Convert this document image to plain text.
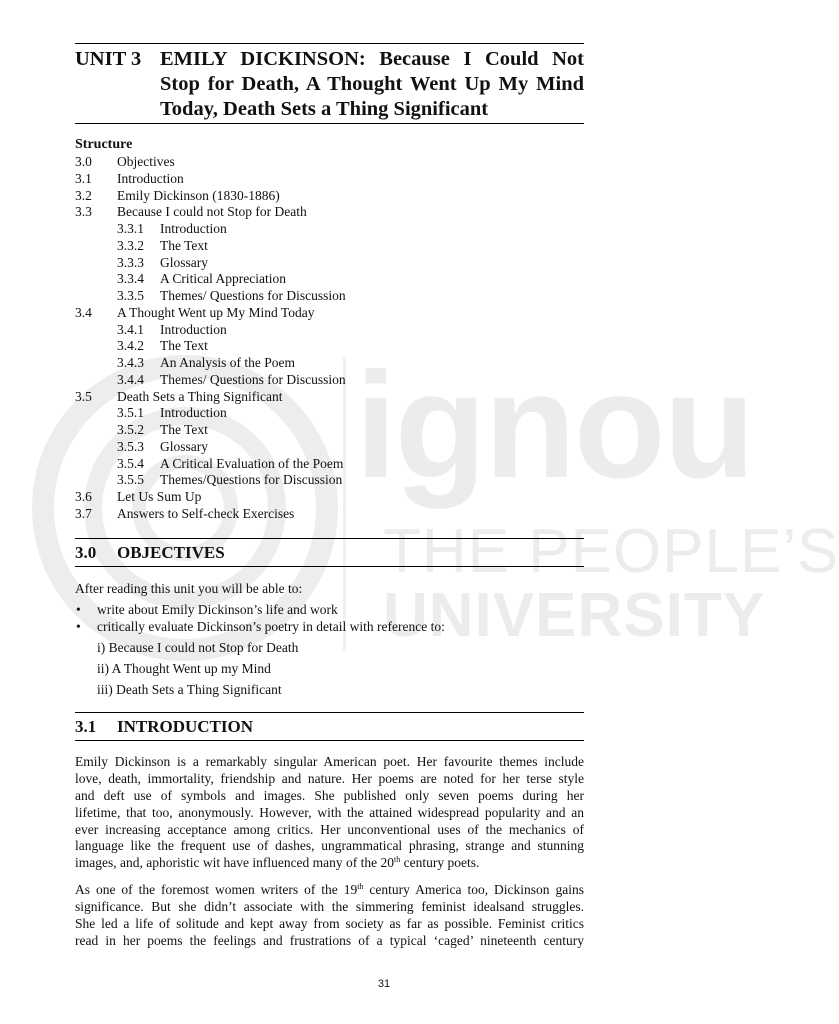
ignou
THE PEOPLE’S
UNIVERSITY
UNIT 3 EMILY DICKINSON: Because I Could Not
Stop for Death, A Thought Went Up My Mind
Today, Death Sets a Thing Significant
Structure
3.0 Objectives
3.1 Introduction
3.2 Emily Dickinson (1830-1886)
3.3 Because I could not Stop for Death
3.3.1 Introduction
3.3.2 The Text
3.3.3 Glossary
3.3.4 A Critical Appreciation
3.3.5 Themes/ Questions for Discussion
3.4 A Thought Went up My Mind Today
3.4.1 Introduction
3.4.2 The Text
3.4.3 An Analysis of the Poem
3.4.4 Themes/ Questions for Discussion
3.5 Death Sets a Thing Significant
3.5.1 Introduction
3.5.2 The Text
3.5.3 Glossary
3.5.4 A Critical Evaluation of the Poem
3.5.5 Themes/Questions for Discussion
3.6 Let Us Sum Up
3.7 Answers to Self-check Exercises
3.0 OBJECTIVES
After reading this unit you will be able to:
• write about Emily Dickinson’s life and work
• critically evaluate Dickinson’s poetry in detail with reference to:
i) Because I could not Stop for Death
ii) A Thought Went up my Mind
iii) Death Sets a Thing Significant
3.1 INTRODUCTION
Emily Dickinson is a remarkably singular American poet. Her favourite themes include
love, death, immortality, friendship and nature. Her poems are noted for her terse style
and deft use of symbols and images. She published only seven poems during her
lifetime, that too, anonymously. However, with the attained widespread popularity and an
ever increasing acceptance among critics. Her unconventional uses of the mechanics of
language like the frequent use of dashes, ungrammatical phrasing, strange and stunning
images, and, aphoristic wit have influenced many of the 20th century poets.
As one of the foremost women writers of the 19th century America too, Dickinson gains
significance. But she didn’t associate with the simmering feminist idealsand struggles.
She led a life of solitude and kept away from society as far as possible. Feminist critics
read in her poems the feelings and frustrations of a typical ‘caged’ nineteenth century
31
